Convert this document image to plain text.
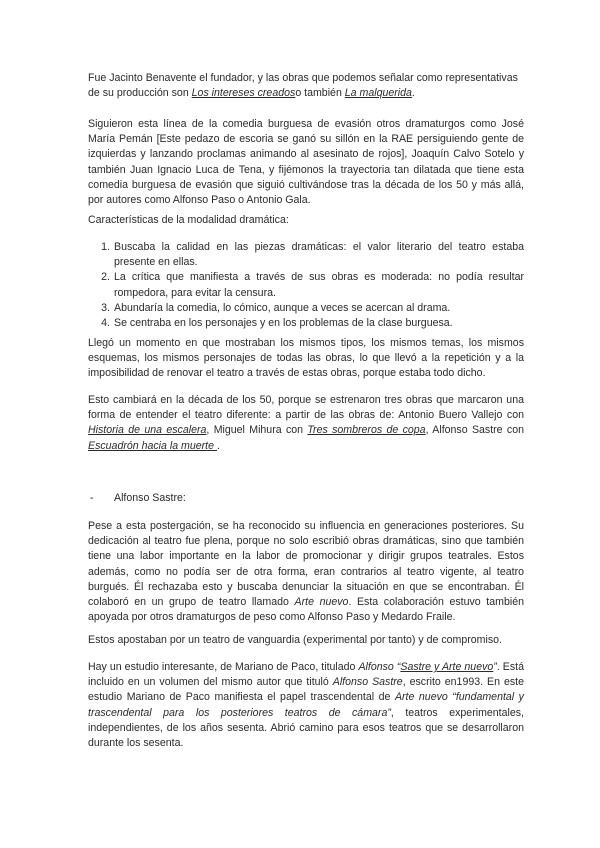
Fue Jacinto Benavente el fundador, y las obras que podemos señalar como representativas de su producción son Los intereses creadoso también La malquerida.

Siguieron esta línea de la comedia burguesa de evasión otros dramaturgos como José María Pemán [Este pedazo de escoria se ganó su sillón en la RAE persiguiendo gente de izquierdas y lanzando proclamas animando al asesinato de rojos], Joaquín Calvo Sotelo y también Juan Ignacio Luca de Tena, y fijémonos la trayectoria tan dilatada que tiene esta comedia burguesa de evasión que siguió cultivándose tras la década de los 50 y más allá, por autores como Alfonso Paso o Antonio Gala.

Características de la modalidad dramática:

1. Buscaba la calidad en las piezas dramáticas: el valor literario del teatro estaba presente en ellas.
2. La crítica que manifiesta a través de sus obras es moderada: no podía resultar rompedora, para evitar la censura.
3. Abundaría la comedia, lo cómico, aunque a veces se acercan al drama.
4. Se centraba en los personajes y en los problemas de la clase burguesa.

Llegó un momento en que mostraban los mismos tipos, los mismos temas, los mismos esquemas, los mismos personajes de todas las obras, lo que llevó a la repetición y a la imposibilidad de renovar el teatro a través de estas obras, porque estaba todo dicho.

Esto cambiará en la década de los 50, porque se estrenaron tres obras que marcaron una forma de entender el teatro diferente: a partir de las obras de: Antonio Buero Vallejo con Historia de una escalera, Miguel Mihura con Tres sombreros de copa, Alfonso Sastre con Escuadrón hacia la muerte .

- Alfonso Sastre:

Pese a esta postergación, se ha reconocido su influencia en generaciones posteriores. Su dedicación al teatro fue plena, porque no solo escribió obras dramáticas, sino que también tiene una labor importante en la labor de promocionar y dirigir grupos teatrales. Estos además, como no podía ser de otra forma, eran contrarios al teatro vigente, al teatro burgués. Él rechazaba esto y buscaba denunciar la situación en que se encontraban. Él colaboró en un grupo de teatro llamado Arte nuevo. Esta colaboración estuvo también apoyada por otros dramaturgos de peso como Alfonso Paso y Medardo Fraile.

Estos apostaban por un teatro de vanguardia (experimental por tanto) y de compromiso.

Hay un estudio interesante, de Mariano de Paco, titulado Alfonso “Sastre y Arte nuevo”. Está incluido en un volumen del mismo autor que tituló Alfonso Sastre, escrito en1993. En este estudio Mariano de Paco manifiesta el papel trascendental de Arte nuevo “fundamental y trascendental para los posteriores teatros de cámara”, teatros experimentales, independientes, de los años sesenta. Abrió camino para esos teatros que se desarrollaron durante los sesenta.
